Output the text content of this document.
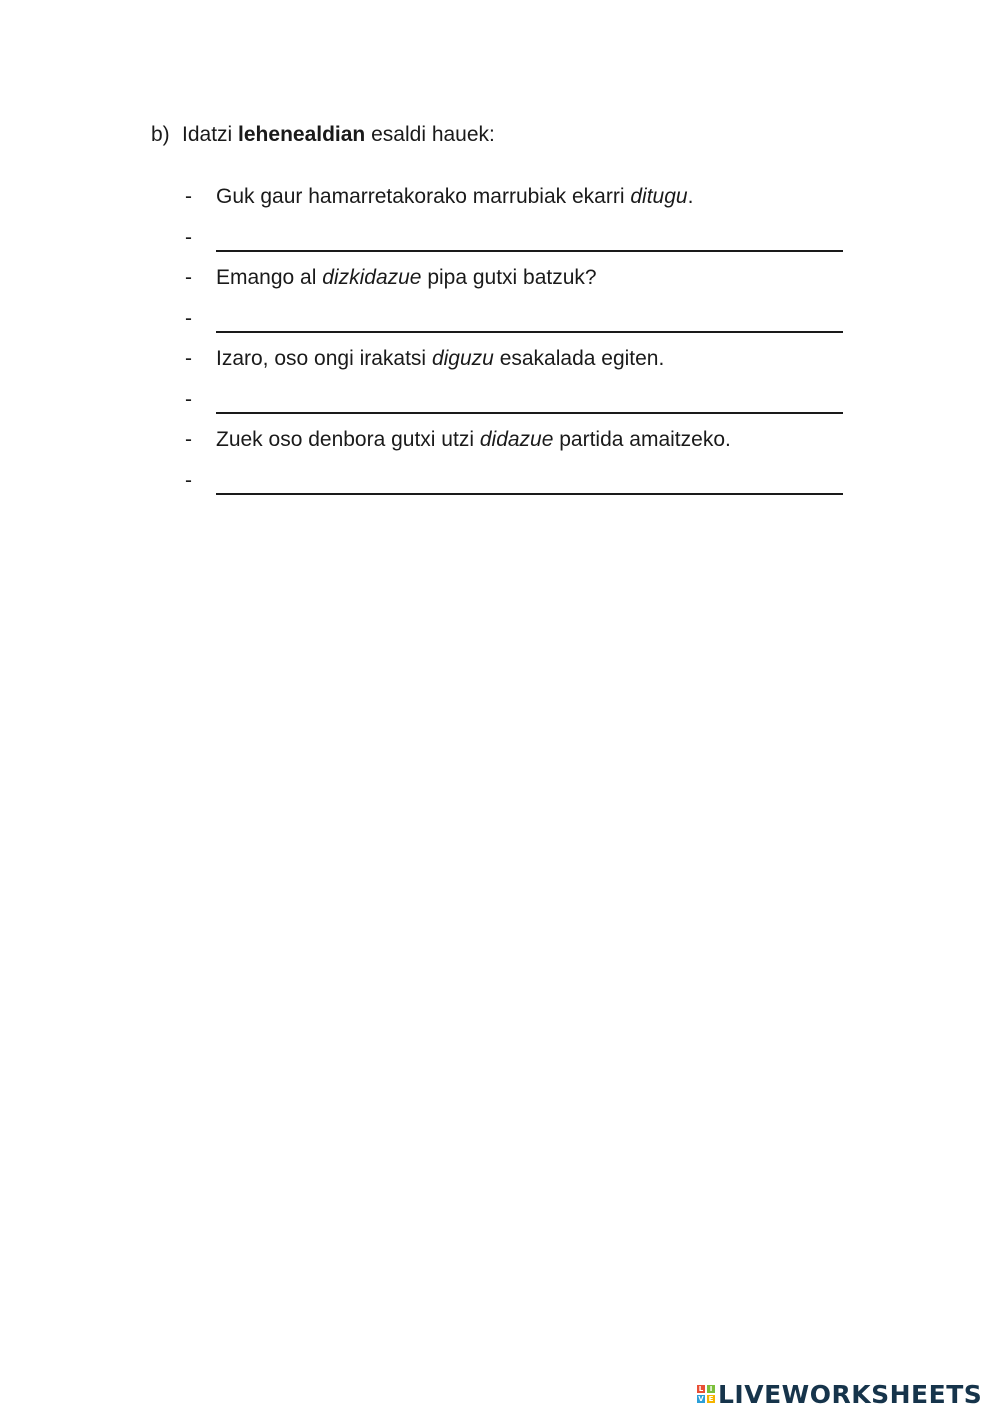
b) Idatzi lehenealdian esaldi hauek:
- Guk gaur hamarretakorako marrubiak ekarri ditugu.
-
- Emango al dizkidazue pipa gutxi batzuk?
-
- Izaro, oso ongi irakatsi diguzu esakalada egiten.
-
- Zuek oso denbora gutxi utzi didazue partida amaitzeko.
-
L I
V E LIVEWORKSHEETS
